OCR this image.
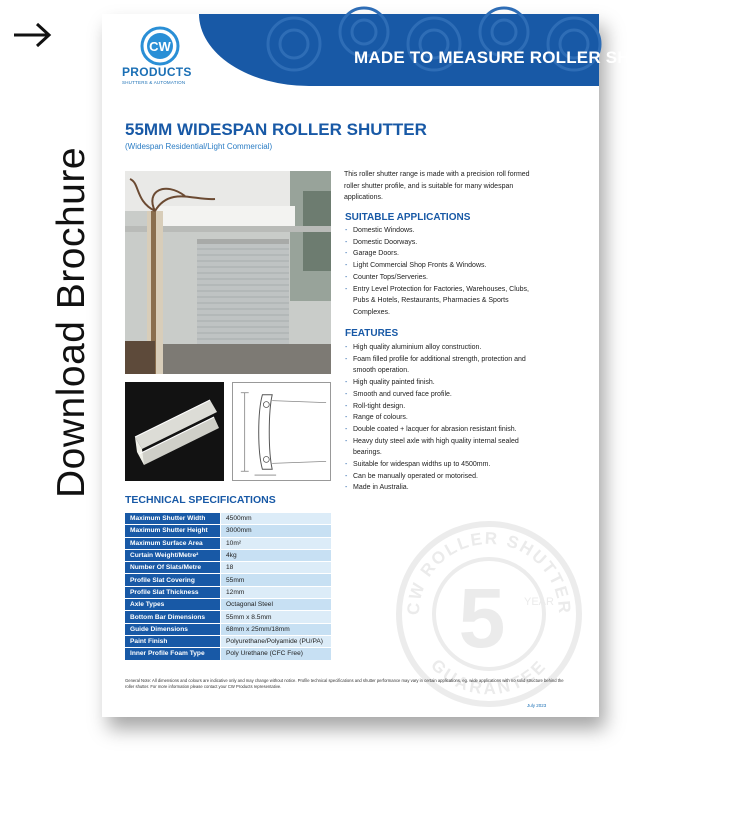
Download Brochure
MADE TO MEASURE ROLLER SHUTTERS
CW
PRODUCTS
SHUTTERS & AUTOMATION
55MM WIDESPAN ROLLER SHUTTER
(Widespan Residential/Light Commercial)
This roller shutter range is made with a precision roll formed roller shutter profile, and is suitable for many widespan applications.
SUITABLE APPLICATIONS
- Domestic Windows.
- Domestic Doorways.
- Garage Doors.
- Light Commercial Shop Fronts & Windows.
- Counter Tops/Serveries.
- Entry Level Protection for Factories, Warehouses, Clubs, Pubs & Hotels, Restaurants, Pharmacies & Sports Complexes.
FEATURES
- High quality aluminium alloy construction.
- Foam filled profile for additional strength, protection and smooth operation.
- High quality painted finish.
- Smooth and curved face profile.
- Roll-tight design.
- Range of colours.
- Double coated + lacquer for abrasion resistant finish.
- Heavy duty steel axle with high quality internal sealed bearings.
- Suitable for widespan widths up to 4500mm.
- Can be manually operated or motorised.
- Made in Australia.
TECHNICAL SPECIFICATIONS
Maximum Shutter Width	4500mm
Maximum Shutter Height	3000mm
Maximum Surface Area	10m²
Curtain Weight/Metre²	4kg
Number Of Slats/Metre	18
Profile Slat Covering	55mm
Profile Slat Thickness	12mm
Axle Types	Octagonal Steel
Bottom Bar Dimensions	55mm x 8.5mm
Guide Dimensions	68mm x 25mm/18mm
Paint Finish	Polyurethane/Polyamide (PU/PA)
Inner Profile Foam Type	Poly Urethane (CFC Free)
CW ROLLER SHUTTER
GUARANTEE
5 YEAR
General Note: All dimensions and colours are indicative only and may change without notice. Profile technical specifications and shutter performance may vary in certain applications, eg. wide applications with no solid structure behind the roller shutter. For more information please contact your CW Products representative.
July 2023
